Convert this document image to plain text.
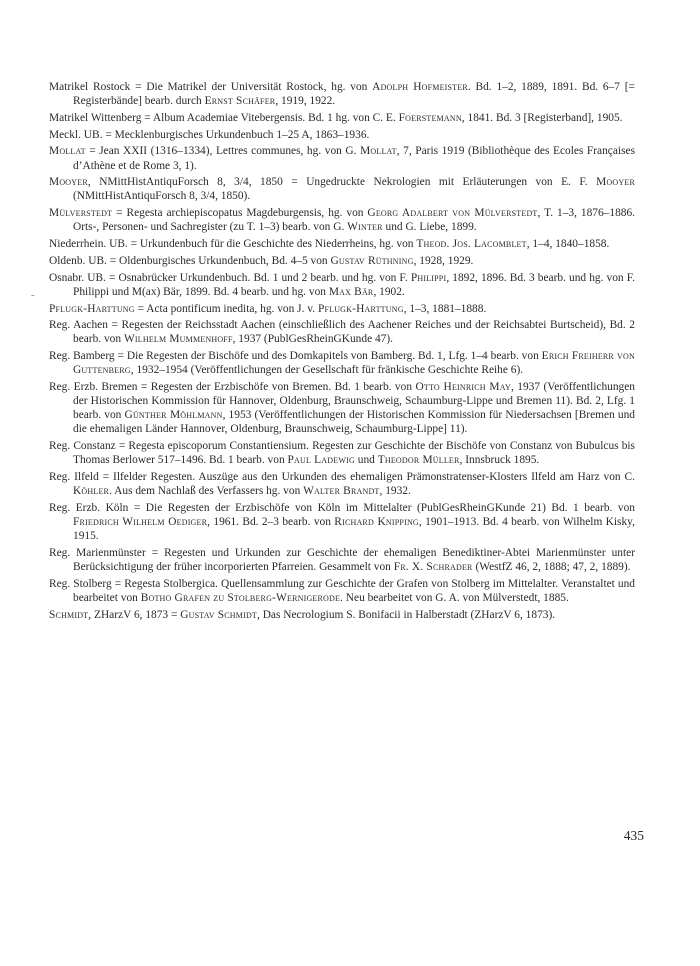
-

Matrikel Rostock = Die Matrikel der Universität Rostock, hg. von Adolph Hofmeister. Bd. 1–2, 1889, 1891. Bd. 6–7 [= Registerbände] bearb. durch Ernst Schäfer, 1919, 1922.

Matrikel Wittenberg = Album Academiae Vitebergensis. Bd. 1 hg. von C. E. Foerstemann, 1841. Bd. 3 [Registerband], 1905.

Meckl. UB. = Mecklenburgisches Urkundenbuch 1–25 A, 1863–1936.

Mollat = Jean XXII (1316–1334), Lettres communes, hg. von G. Mollat, 7, Paris 1919 (Bibliothèque des Ecoles Françaises d’Athène et de Rome 3, 1).

Mooyer, NMittHistAntiquForsch 8, 3/4, 1850 = Ungedruckte Nekrologien mit Erläuterungen von E. F. Mooyer (NMittHistAntiquForsch 8, 3/4, 1850).

Mülverstedt = Regesta archiepiscopatus Magdeburgensis, hg. von Georg Adalbert von Mülverstedt, T. 1–3, 1876–1886. Orts-, Personen- und Sachregister (zu T. 1–3) bearb. von G. Winter und G. Liebe, 1899.

Niederrhein. UB. = Urkundenbuch für die Geschichte des Niederrheins, hg. von Theod. Jos. Lacomblet, 1–4, 1840–1858.

Oldenb. UB. = Oldenburgisches Urkundenbuch, Bd. 4–5 von Gustav Rüthning, 1928, 1929.

Osnabr. UB. = Osnabrücker Urkundenbuch. Bd. 1 und 2 bearb. und hg. von F. Philippi, 1892, 1896. Bd. 3 bearb. und hg. von F. Philippi und M(ax) Bär, 1899. Bd. 4 bearb. und hg. von Max Bär, 1902.

Pflugk-Harttung = Acta pontificum inedita, hg. von J. v. Pflugk-Harttung, 1–3, 1881–1888.

Reg. Aachen = Regesten der Reichsstadt Aachen (einschließlich des Aachener Reiches und der Reichsabtei Burtscheid), Bd. 2 bearb. von Wilhelm Mummenhoff, 1937 (PublGesRheinGKunde 47).

Reg. Bamberg = Die Regesten der Bischöfe und des Domkapitels von Bamberg. Bd. 1, Lfg. 1–4 bearb. von Erich Freiherr von Guttenberg, 1932–1954 (Veröffentlichungen der Gesellschaft für fränkische Geschichte Reihe 6).

Reg. Erzb. Bremen = Regesten der Erzbischöfe von Bremen. Bd. 1 bearb. von Otto Heinrich May, 1937 (Veröffentlichungen der Historischen Kommission für Hannover, Oldenburg, Braunschweig, Schaumburg-Lippe und Bremen 11). Bd. 2, Lfg. 1 bearb. von Günther Möhlmann, 1953 (Veröffentlichungen der Historischen Kommission für Niedersachsen [Bremen und die ehemaligen Länder Hannover, Oldenburg, Braunschweig, Schaumburg-Lippe] 11).

Reg. Constanz = Regesta episcoporum Constantiensium. Regesten zur Geschichte der Bischöfe von Constanz von Bubulcus bis Thomas Berlower 517–1496. Bd. 1 bearb. von Paul Ladewig und Theodor Müller, Innsbruck 1895.

Reg. Ilfeld = Ilfelder Regesten. Auszüge aus den Urkunden des ehemaligen Prämonstratenser-Klosters Ilfeld am Harz von C. Köhler. Aus dem Nachlaß des Verfassers hg. von Walter Brandt, 1932.

Reg. Erzb. Köln = Die Regesten der Erzbischöfe von Köln im Mittelalter (PublGesRheinGKunde 21) Bd. 1 bearb. von Friedrich Wilhelm Oediger, 1961. Bd. 2–3 bearb. von Richard Knipping, 1901–1913. Bd. 4 bearb. von Wilhelm Kisky, 1915.

Reg. Marienmünster = Regesten und Urkunden zur Geschichte der ehemaligen Benediktiner-Abtei Marienmünster unter Berücksichtigung der früher incorporierten Pfarreien. Gesammelt von Fr. X. Schrader (WestfZ 46, 2, 1888; 47, 2, 1889).

Reg. Stolberg = Regesta Stolbergica. Quellensammlung zur Geschichte der Grafen von Stolberg im Mittelalter. Veranstaltet und bearbeitet von Botho Grafen zu Stolberg-Wernigerode. Neu bearbeitet von G. A. von Mülverstedt, 1885.

Schmidt, ZHarzV 6, 1873 = Gustav Schmidt, Das Necrologium S. Bonifacii in Halberstadt (ZHarzV 6, 1873).

435
